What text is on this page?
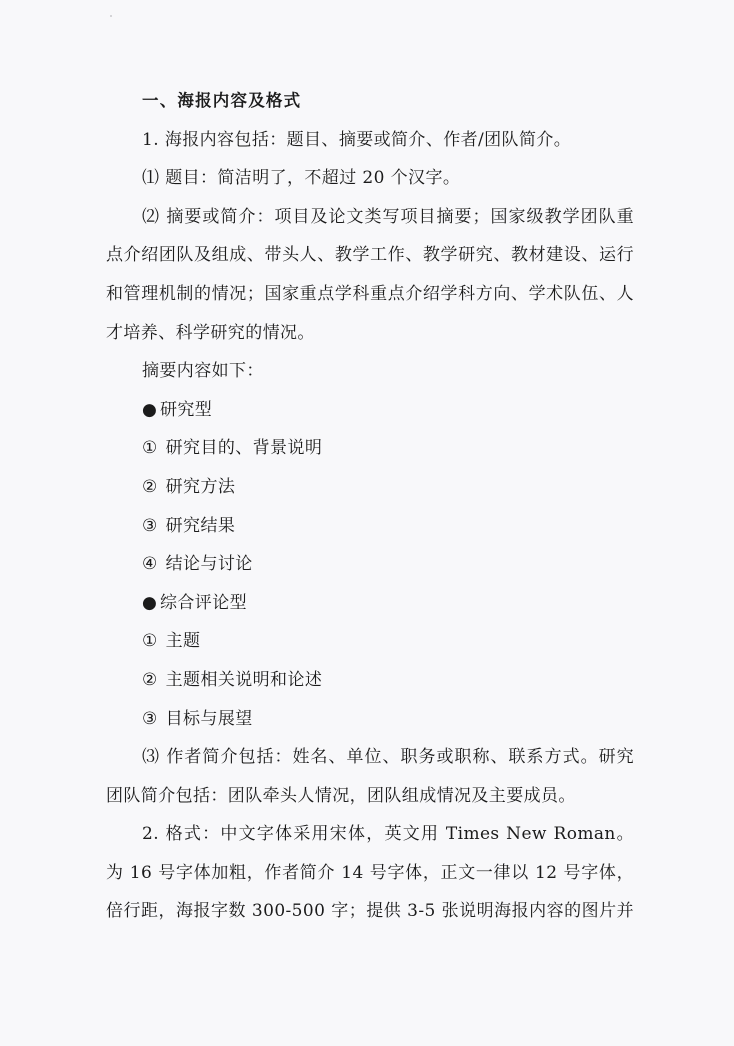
一、海报内容及格式
1. 海报内容包括：题目、摘要或简介、作者/团队简介。
⑴ 题目：简洁明了，不超过 20 个汉字。
⑵ 摘要或简介：项目及论文类写项目摘要；国家级教学团队重
点介绍团队及组成、带头人、教学工作、教学研究、教材建设、运行
和管理机制的情况；国家重点学科重点介绍学科方向、学术队伍、人
才培养、科学研究的情况。
摘要内容如下：
● 研究型
① 研究目的、背景说明
② 研究方法
③ 研究结果
④ 结论与讨论
● 综合评论型
① 主题
② 主题相关说明和论述
③ 目标与展望
⑶ 作者简介包括：姓名、单位、职务或职称、联系方式。研究
团队简介包括：团队牵头人情况，团队组成情况及主要成员。
2. 格式：中文字体采用宋体，英文用 Times New Roman。
为 16 号字体加粗，作者简介 14 号字体，正文一律以 12 号字体，
倍行距，海报字数 300-500 字；提供 3-5 张说明海报内容的图片并
